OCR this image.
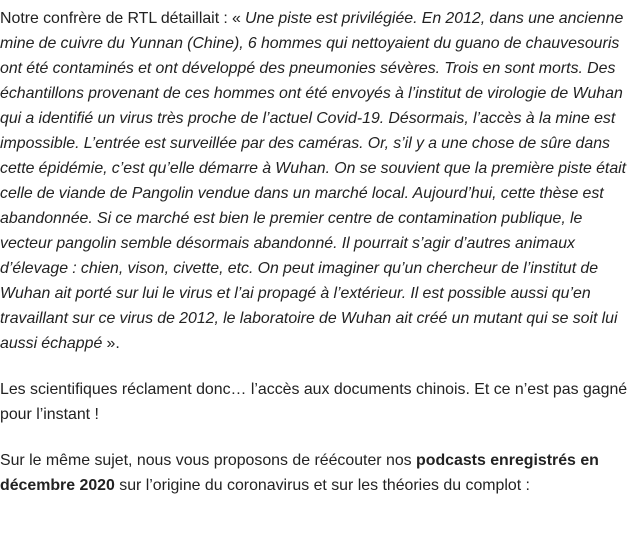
Notre confrère de RTL détaillait : « Une piste est privilégiée. En 2012, dans une ancienne mine de cuivre du Yunnan (Chine), 6 hommes qui nettoyaient du guano de chauvesouris ont été contaminés et ont développé des pneumonies sévères. Trois en sont morts. Des échantillons provenant de ces hommes ont été envoyés à l’institut de virologie de Wuhan qui a identifié un virus très proche de l’actuel Covid-19. Désormais, l’accès à la mine est impossible. L’entrée est surveillée par des caméras. Or, s’il y a une chose de sûre dans cette épidémie, c’est qu’elle démarre à Wuhan. On se souvient que la première piste était celle de viande de Pangolin vendue dans un marché local. Aujourd’hui, cette thèse est abandonnée. Si ce marché est bien le premier centre de contamination publique, le vecteur pangolin semble désormais abandonné. Il pourrait s’agir d’autres animaux d’élevage : chien, vison, civette, etc. On peut imaginer qu’un chercheur de l’institut de Wuhan ait porté sur lui le virus et l’ai propagé à l’extérieur. Il est possible aussi qu’en travaillant sur ce virus de 2012, le laboratoire de Wuhan ait créé un mutant qui se soit lui aussi échappé ».

Les scientifiques réclament donc… l’accès aux documents chinois. Et ce n’est pas gagné pour l’instant !

Sur le même sujet, nous vous proposons de réécouter nos podcasts enregistrés en décembre 2020 sur l’origine du coronavirus et sur les théories du complot :
